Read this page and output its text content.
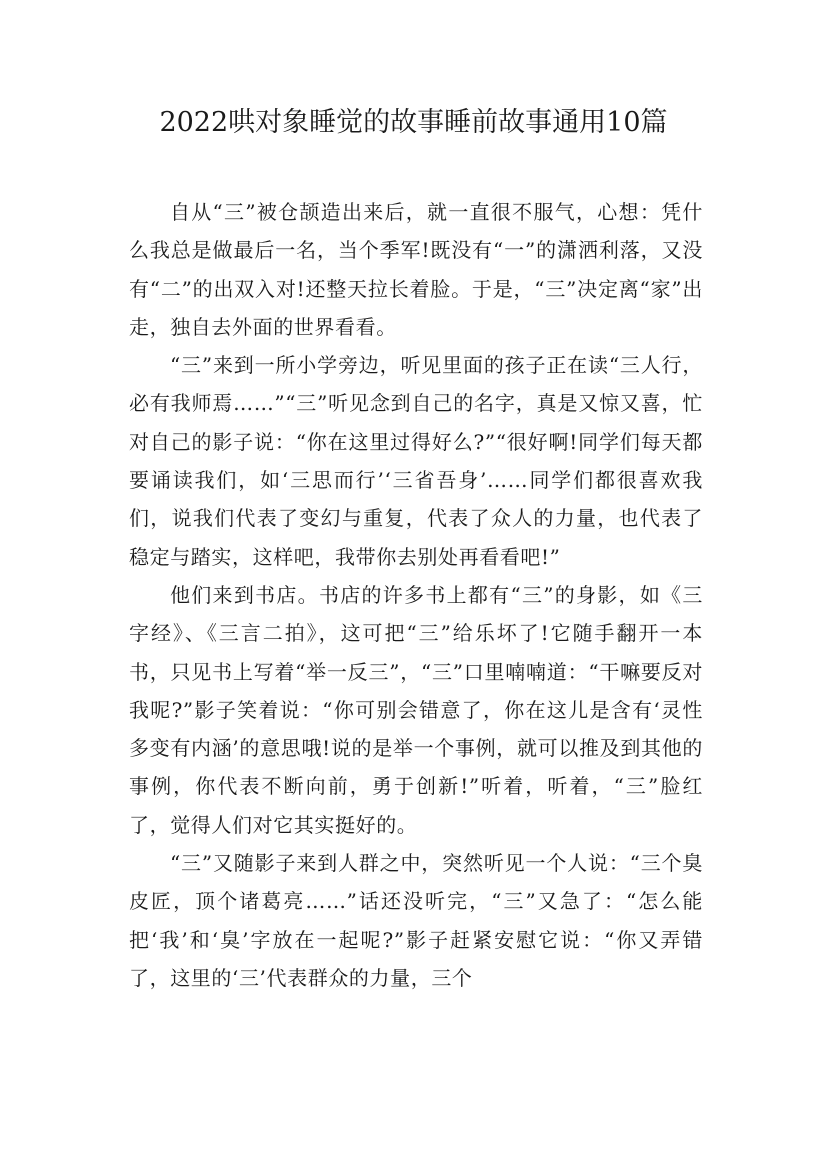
2022哄对象睡觉的故事睡前故事通用10篇

自从“三”被仓颉造出来后，就一直很不服气，心想：凭什么我总是做最后一名，当个季军!既没有“一”的潇洒利落，又没有“二”的出双入对!还整天拉长着脸。于是，“三”决定离“家”出走，独自去外面的世界看看。

“三”来到一所小学旁边，听见里面的孩子正在读“三人行，必有我师焉……”“三”听见念到自己的名字，真是又惊又喜，忙对自己的影子说：“你在这里过得好么?”“很好啊!同学们每天都要诵读我们，如‘三思而行’‘三省吾身’……同学们都很喜欢我们，说我们代表了变幻与重复，代表了众人的力量，也代表了稳定与踏实，这样吧，我带你去别处再看看吧!”

他们来到书店。书店的许多书上都有“三”的身影，如《三字经》、《三言二拍》，这可把“三”给乐坏了!它随手翻开一本书，只见书上写着“举一反三”，“三”口里喃喃道：“干嘛要反对我呢?”影子笑着说：“你可别会错意了，你在这儿是含有‘灵性多变有内涵’的意思哦!说的是举一个事例，就可以推及到其他的事例，你代表不断向前，勇于创新!”听着，听着，“三”脸红了，觉得人们对它其实挺好的。

“三”又随影子来到人群之中，突然听见一个人说：“三个臭皮匠，顶个诸葛亮……”话还没听完，“三”又急了：“怎么能把‘我’和‘臭’字放在一起呢?”影子赶紧安慰它说：“你又弄错了，这里的‘三’代表群众的力量，三个
